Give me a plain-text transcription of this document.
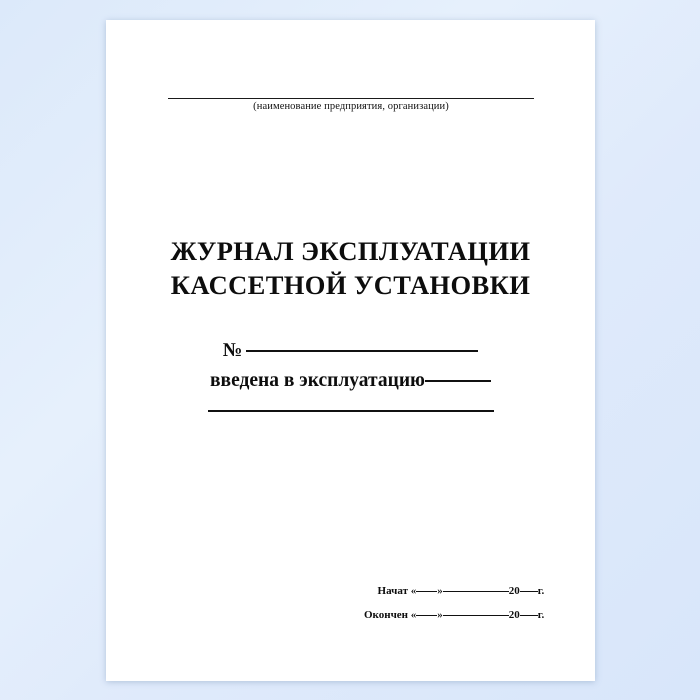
(наименование предприятия, организации)
ЖУРНАЛ ЭКСПЛУАТАЦИИ
КАССЕТНОЙ УСТАНОВКИ
№
введена в эксплуатацию
Начат « »	20 г.
Окончен « »	20 г.
